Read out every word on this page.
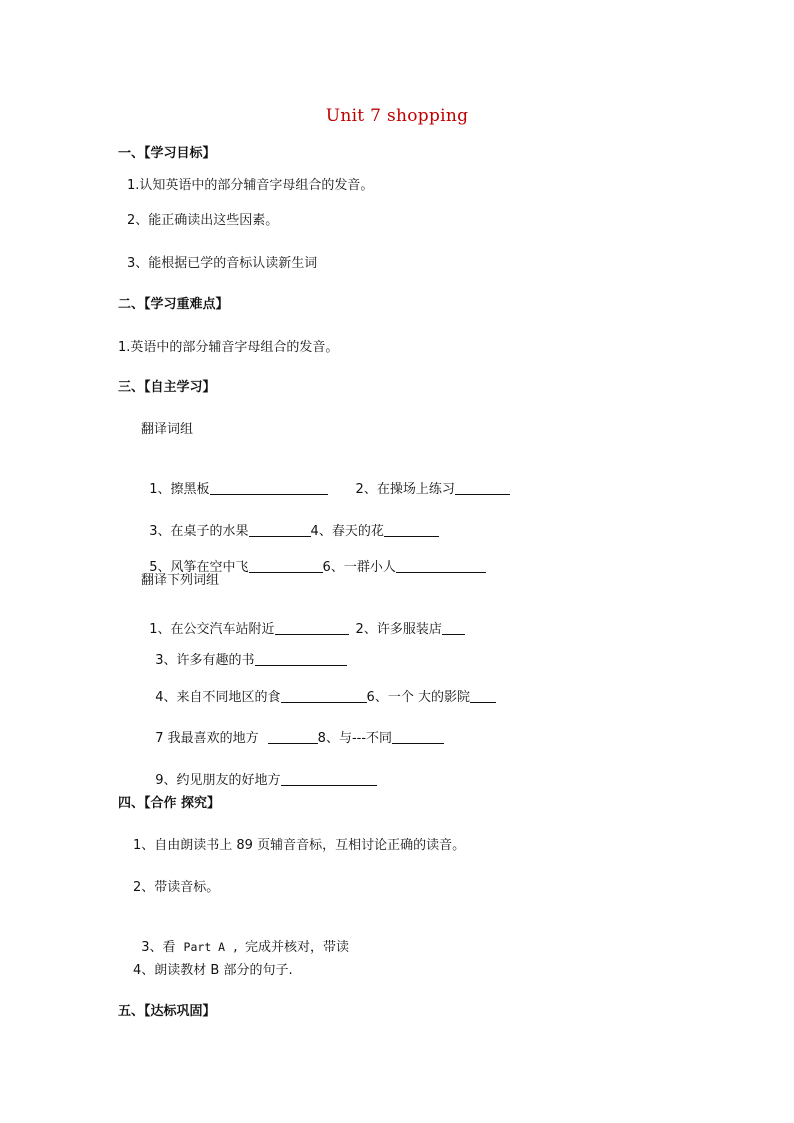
Unit 7 shopping
一、【学习目标】
1.认知英语中的部分辅音字母组合的发音。
2、能正确读出这些因素。
3、能根据已学的音标认读新生词
二、【学习重难点】
1.英语中的部分辅音字母组合的发音。
三、【自主学习】
翻译词组

1、擦黑板	2、在操场上练习

3、在桌子的水果	4、春天的花

5、风筝在空中飞	6、一群小人

翻译下列词组

1、在公交汽车站附近	2、许多服装店

3、许多有趣的书

4、来自不同地区的食	6、一个 大的影院

7 我最喜欢的地方	8、与---不同

9、约见朋友的好地方

四、【合作 探究】
1、自由朗读书上 89 页辅音音标，互相讨论正确的读音。
2、带读音标。

3、看 Part A , 完成并核对，带读

4、朗读教材 B 部分的句子.
五、【达标巩固】
